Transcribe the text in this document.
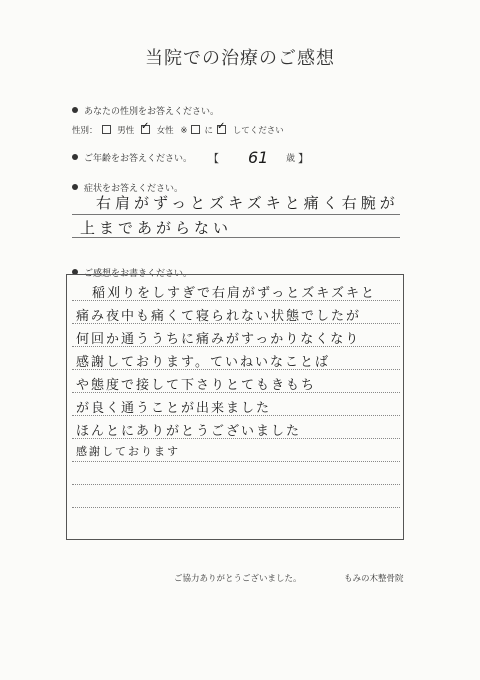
当院での治療のご感想
あなたの性別をお答えください。
性別： 男性 ✓	女性 ※ に ✓ してください
ご年齢をお答えください。 【 61 歳 】
症状をお答えください。
右肩がずっとズキズキと痛く右腕が
上まであがらない
ご感想をお書きください。
稲刈りをしすぎで右肩がずっとズキズキと
痛み夜中も痛くて寝られない状態でしたが
何回か通ううちに痛みがすっかりなくなり
感謝しております。ていねいなことば
や態度で接して下さりとてもきもち
が良く通うことが出来ました
ほんとにありがとうございました
感謝しております
ご協力ありがとうございました。	もみの木整骨院
